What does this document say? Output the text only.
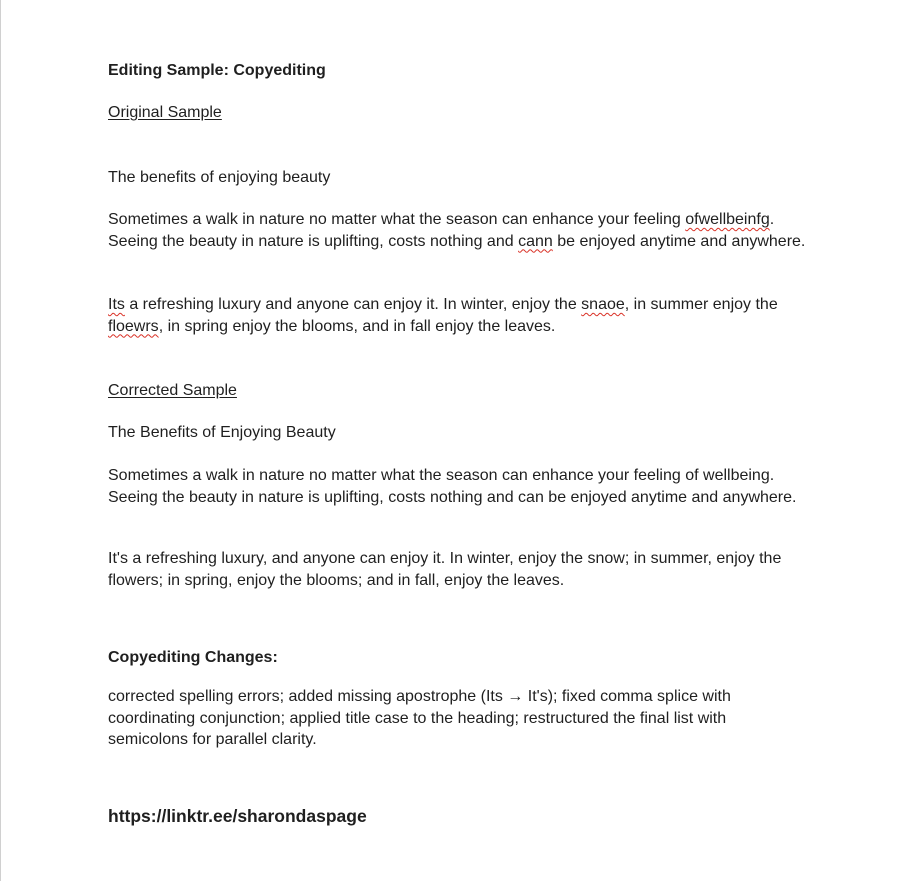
Editing Sample: Copyediting

Original Sample

The benefits of enjoying beauty

Sometimes a walk in nature no matter what the season can enhance your feeling ofwellbeinfg. Seeing the beauty in nature is uplifting, costs nothing and cann be enjoyed anytime and anywhere.

Its a refreshing luxury and anyone can enjoy it. In winter, enjoy the snaoe, in summer enjoy the floewrs, in spring enjoy the blooms, and in fall enjoy the leaves.

Corrected Sample

The Benefits of Enjoying Beauty

Sometimes a walk in nature no matter what the season can enhance your feeling of wellbeing. Seeing the beauty in nature is uplifting, costs nothing and can be enjoyed anytime and anywhere.

It's a refreshing luxury, and anyone can enjoy it. In winter, enjoy the snow; in summer, enjoy the flowers; in spring, enjoy the blooms; and in fall, enjoy the leaves.

Copyediting Changes:

corrected spelling errors; added missing apostrophe (Its → It's); fixed comma splice with coordinating conjunction; applied title case to the heading; restructured the final list with semicolons for parallel clarity.

https://linktr.ee/sharondaspage
